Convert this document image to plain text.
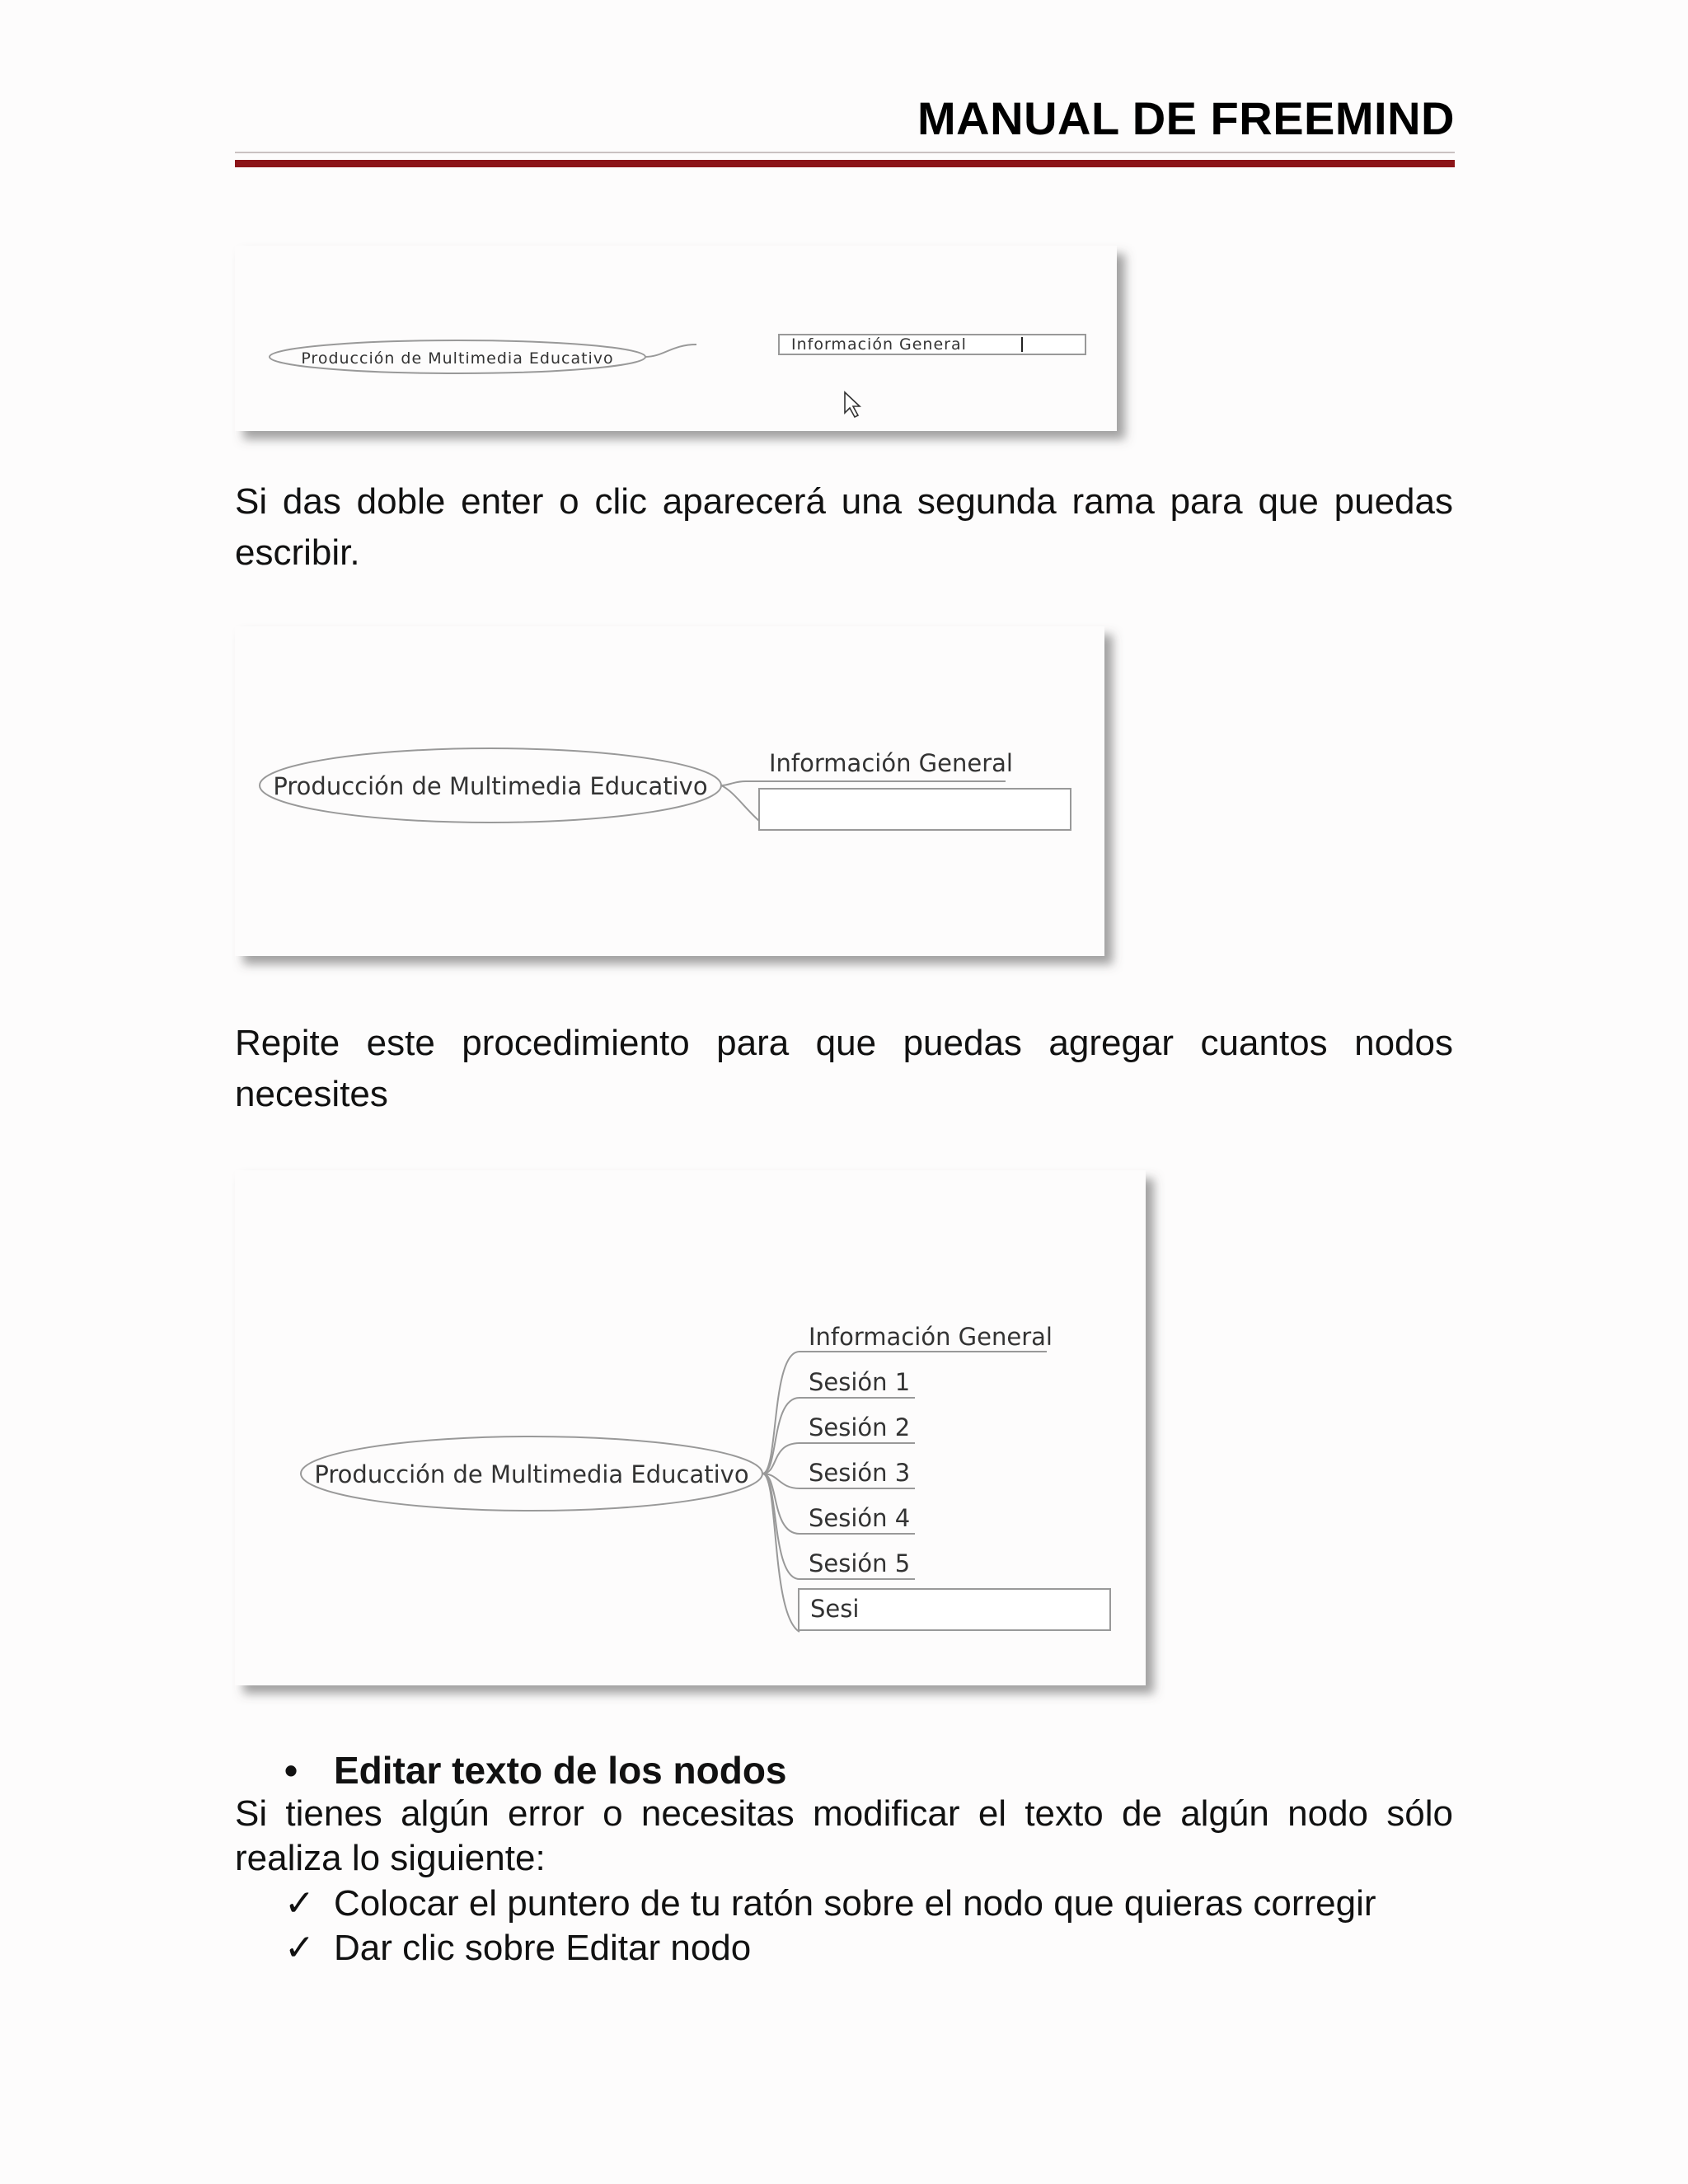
MANUAL DE FREEMIND
Producción de Multimedia Educativo
Información General
Si das doble enter o clic aparecerá una segunda rama para que puedas escribir.
Producción de Multimedia Educativo
Información General
Repite este procedimiento para que puedas agregar cuantos nodos necesites
Producción de Multimedia Educativo
Información General
Sesión 1
Sesión 2
Sesión 3
Sesión 4
Sesión 5
Sesi
• Editar texto de los nodos
Si tienes algún error o necesitas modificar el texto de algún nodo sólo realiza lo siguiente:
✓ Colocar el puntero de tu ratón sobre el nodo que quieras corregir
✓ Dar clic sobre Editar nodo
